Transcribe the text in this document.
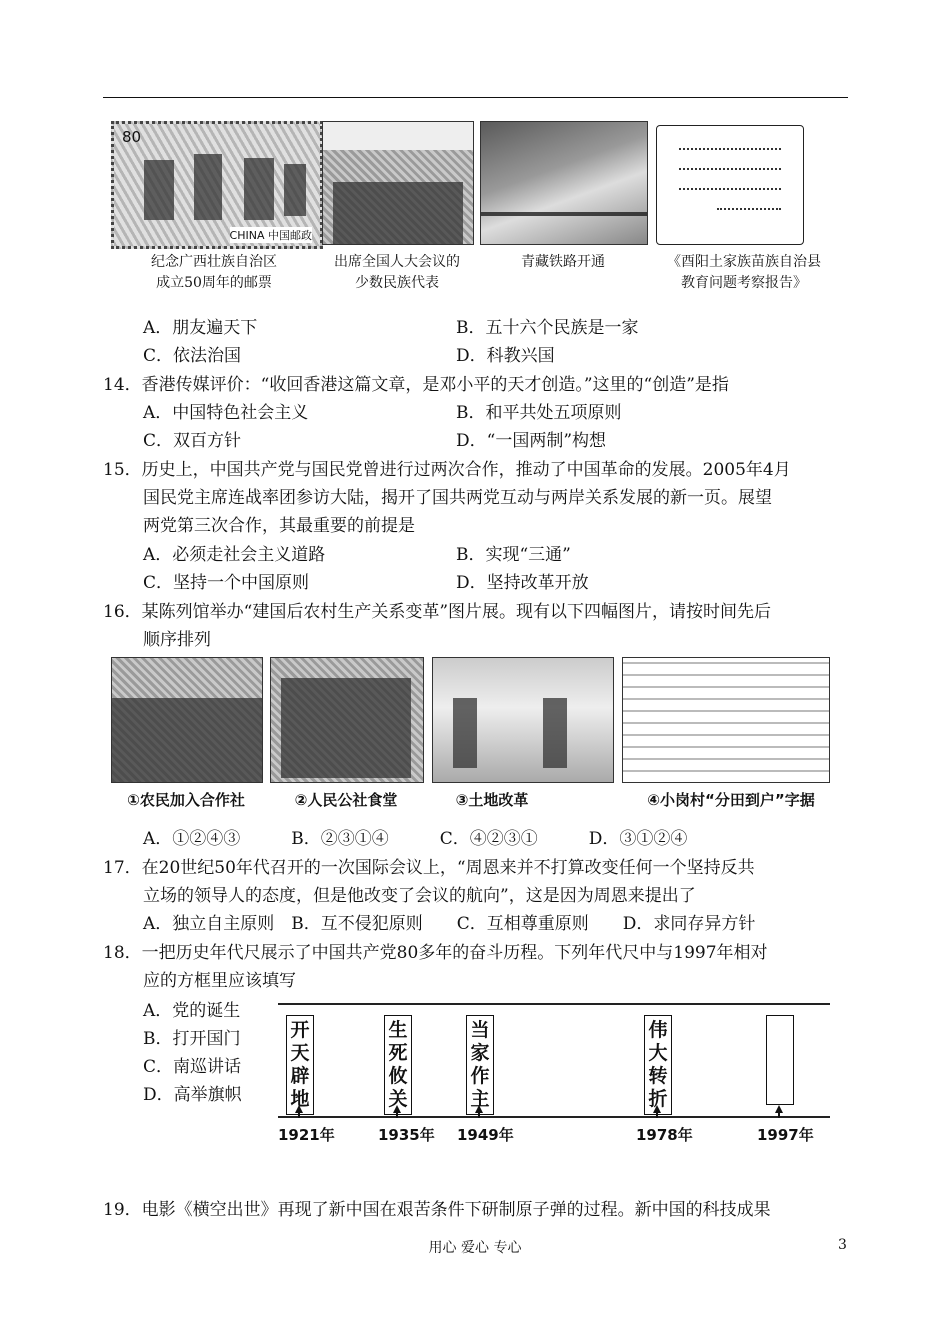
80
CHINA 中国邮政
纪念广西壮族自治区
成立50周年的邮票
出席全国人大会议的
少数民族代表
青藏铁路开通	《酉阳土家族苗族自治县
教育问题考察报告》
A．朋友遍天下	B．五十六个民族是一家
C．依法治国	D．科教兴国
14．香港传媒评价：“收回香港这篇文章，是邓小平的天才创造。”这里的“创造”是指
A．中国特色社会主义	B．和平共处五项原则
C．双百方针	D．“一国两制”构想
15．历史上，中国共产党与国民党曾进行过两次合作，推动了中国革命的发展。2005年4月
国民党主席连战率团参访大陆，揭开了国共两党互动与两岸关系发展的新一页。展望
两党第三次合作，其最重要的前提是
A．必须走社会主义道路	B．实现“三通”
C．坚持一个中国原则	D．坚持改革开放
16．某陈列馆举办“建国后农村生产关系变革”图片展。现有以下四幅图片，请按时间先后
顺序排列
①农民加入合作社	②人民公社食堂	③土地改革	④小岗村“分田到户”字据
A．①②④③　　　B．②③①④　　　C．④②③①　　　D．③①②④
17．在20世纪50年代召开的一次国际会议上，“周恩来并不打算改变任何一个坚持反共
立场的领导人的态度，但是他改变了会议的航向”，这是因为周恩来提出了
A．独立自主原则　B．互不侵犯原则　　C．互相尊重原则　　D．求同存异方针
18．一把历史年代尺展示了中国共产党80多年的奋斗历程。下列年代尺中与1997年相对
应的方框里应该填写
A．党的诞生
B．打开国门
C．南巡讲话
D．高举旗帜
开天辟地
1921年
生死攸关
1935年
当家作主
1949年
伟大转折
1978年	1997年
19．电影《横空出世》再现了新中国在艰苦条件下研制原子弹的过程。新中国的科技成果
用心 爱心 专心	3
